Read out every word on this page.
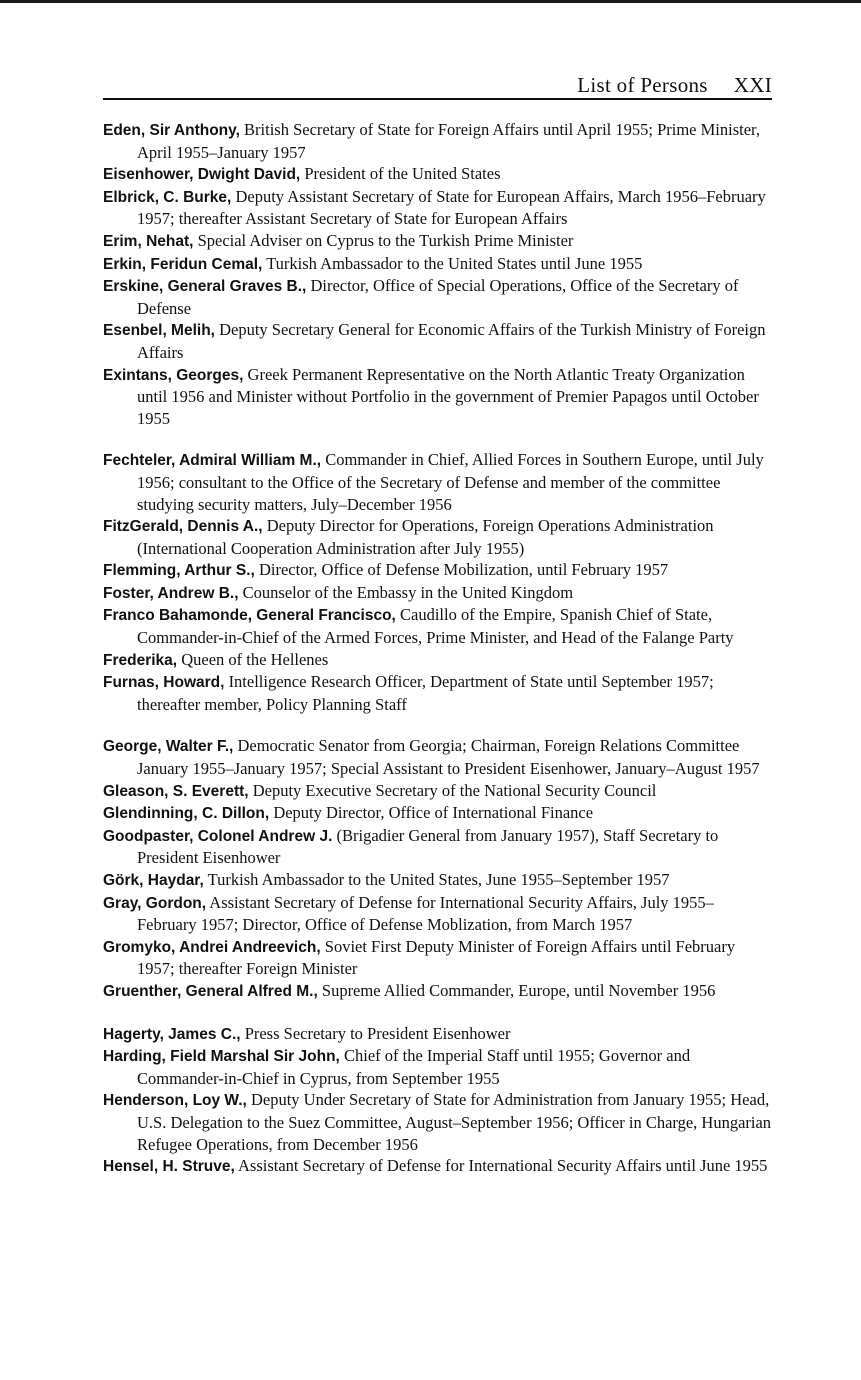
List of Persons XXI
Eden, Sir Anthony, British Secretary of State for Foreign Affairs until April 1955; Prime Minister, April 1955–January 1957
Eisenhower, Dwight David, President of the United States
Elbrick, C. Burke, Deputy Assistant Secretary of State for European Affairs, March 1956–February 1957; thereafter Assistant Secretary of State for European Affairs
Erim, Nehat, Special Adviser on Cyprus to the Turkish Prime Minister
Erkin, Feridun Cemal, Turkish Ambassador to the United States until June 1955
Erskine, General Graves B., Director, Office of Special Operations, Office of the Secretary of Defense
Esenbel, Melih, Deputy Secretary General for Economic Affairs of the Turkish Ministry of Foreign Affairs
Exintans, Georges, Greek Permanent Representative on the North Atlantic Treaty Organization until 1956 and Minister without Portfolio in the government of Premier Papagos until October 1955
Fechteler, Admiral William M., Commander in Chief, Allied Forces in Southern Europe, until July 1956; consultant to the Office of the Secretary of Defense and member of the committee studying security matters, July–December 1956
FitzGerald, Dennis A., Deputy Director for Operations, Foreign Operations Administration (International Cooperation Administration after July 1955)
Flemming, Arthur S., Director, Office of Defense Mobilization, until February 1957
Foster, Andrew B., Counselor of the Embassy in the United Kingdom
Franco Bahamonde, General Francisco, Caudillo of the Empire, Spanish Chief of State, Commander-in-Chief of the Armed Forces, Prime Minister, and Head of the Falange Party
Frederika, Queen of the Hellenes
Furnas, Howard, Intelligence Research Officer, Department of State until September 1957; thereafter member, Policy Planning Staff
George, Walter F., Democratic Senator from Georgia; Chairman, Foreign Relations Committee January 1955–January 1957; Special Assistant to President Eisenhower, January–August 1957
Gleason, S. Everett, Deputy Executive Secretary of the National Security Council
Glendinning, C. Dillon, Deputy Director, Office of International Finance
Goodpaster, Colonel Andrew J. (Brigadier General from January 1957), Staff Secretary to President Eisenhower
Görk, Haydar, Turkish Ambassador to the United States, June 1955–September 1957
Gray, Gordon, Assistant Secretary of Defense for International Security Affairs, July 1955–February 1957; Director, Office of Defense Moblization, from March 1957
Gromyko, Andrei Andreevich, Soviet First Deputy Minister of Foreign Affairs until February 1957; thereafter Foreign Minister
Gruenther, General Alfred M., Supreme Allied Commander, Europe, until November 1956
Hagerty, James C., Press Secretary to President Eisenhower
Harding, Field Marshal Sir John, Chief of the Imperial Staff until 1955; Governor and Commander-in-Chief in Cyprus, from September 1955
Henderson, Loy W., Deputy Under Secretary of State for Administration from January 1955; Head, U.S. Delegation to the Suez Committee, August–September 1956; Officer in Charge, Hungarian Refugee Operations, from December 1956
Hensel, H. Struve, Assistant Secretary of Defense for International Security Affairs until June 1955
